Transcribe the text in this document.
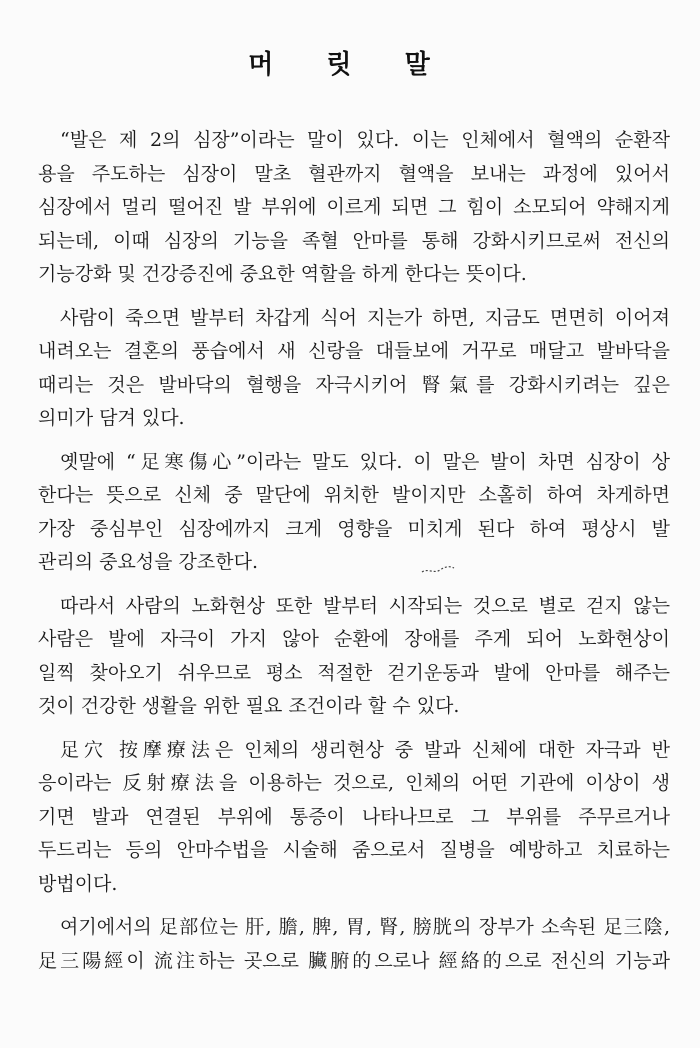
머 릿 말

“발은 제 2의 심장”이라는 말이 있다. 이는 인체에서 혈액의 순환작
용을 주도하는 심장이 말초 혈관까지 혈액을 보내는 과정에 있어서
심장에서 멀리 떨어진 발 부위에 이르게 되면 그 힘이 소모되어 약해지게
되는데, 이때 심장의 기능을 족혈 안마를 통해 강화시키므로써 전신의
기능강화 및 건강증진에 중요한 역할을 하게 한다는 뜻이다.

사람이 죽으면 발부터 차갑게 식어 지는가 하면, 지금도 면면히 이어져
내려오는 결혼의 풍습에서 새 신랑을 대들보에 거꾸로 매달고 발바닥을
때리는 것은 발바닥의 혈행을 자극시키어 腎氣를 강화시키려는 깊은
의미가 담겨 있다.

옛말에 “足寒傷心”이라는 말도 있다. 이 말은 발이 차면 심장이 상
한다는 뜻으로 신체 중 말단에 위치한 발이지만 소홀히 하여 차게하면
가장 중심부인 심장에까지 크게 영향을 미치게 된다 하여 평상시 발
관리의 중요성을 강조한다.

따라서 사람의 노화현상 또한 발부터 시작되는 것으로 별로 걷지 않는
사람은 발에 자극이 가지 않아 순환에 장애를 주게 되어 노화현상이
일찍 찾아오기 쉬우므로 평소 적절한 걷기운동과 발에 안마를 해주는
것이 건강한 생활을 위한 필요 조건이라 할 수 있다.

足穴 按摩療法은 인체의 생리현상 중 발과 신체에 대한 자극과 반
응이라는 反射療法을 이용하는 것으로, 인체의 어떤 기관에 이상이 생
기면 발과 연결된 부위에 통증이 나타나므로 그 부위를 주무르거나
두드리는 등의 안마수법을 시술해 줌으로서 질병을 예방하고 치료하는
방법이다.

여기에서의 足部位는 肝, 膽, 脾, 胃, 腎, 膀胱의 장부가 소속된 足三陰,
足三陽經이 流注하는 곳으로 臟腑的으로나 經絡的으로 전신의 기능과
